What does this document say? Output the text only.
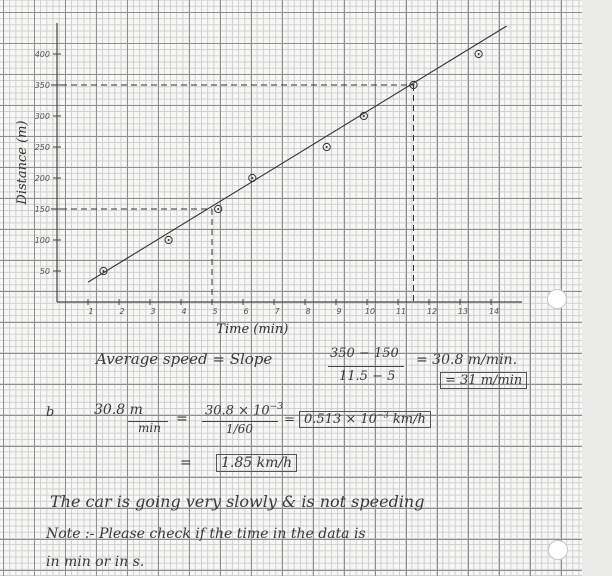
1	2	3	4	5	6	7	8	9	10	11	12	13	14
50
100
150
200
250
300
350
400
Time (min)
Distance (m)
Average speed = Slope	350 − 150
11.5 − 5
= 30.8 m/min.
= 31 m/min
b	30.8 m
min
=
$30.8 \times 10^{-3}$
1/60
= $0.513 \times 10^{-3}$ km/h
=	1.85 km/h
The car is going very slowly & is not speeding
Note :- Please check if the time in the data is
in min or in s.
